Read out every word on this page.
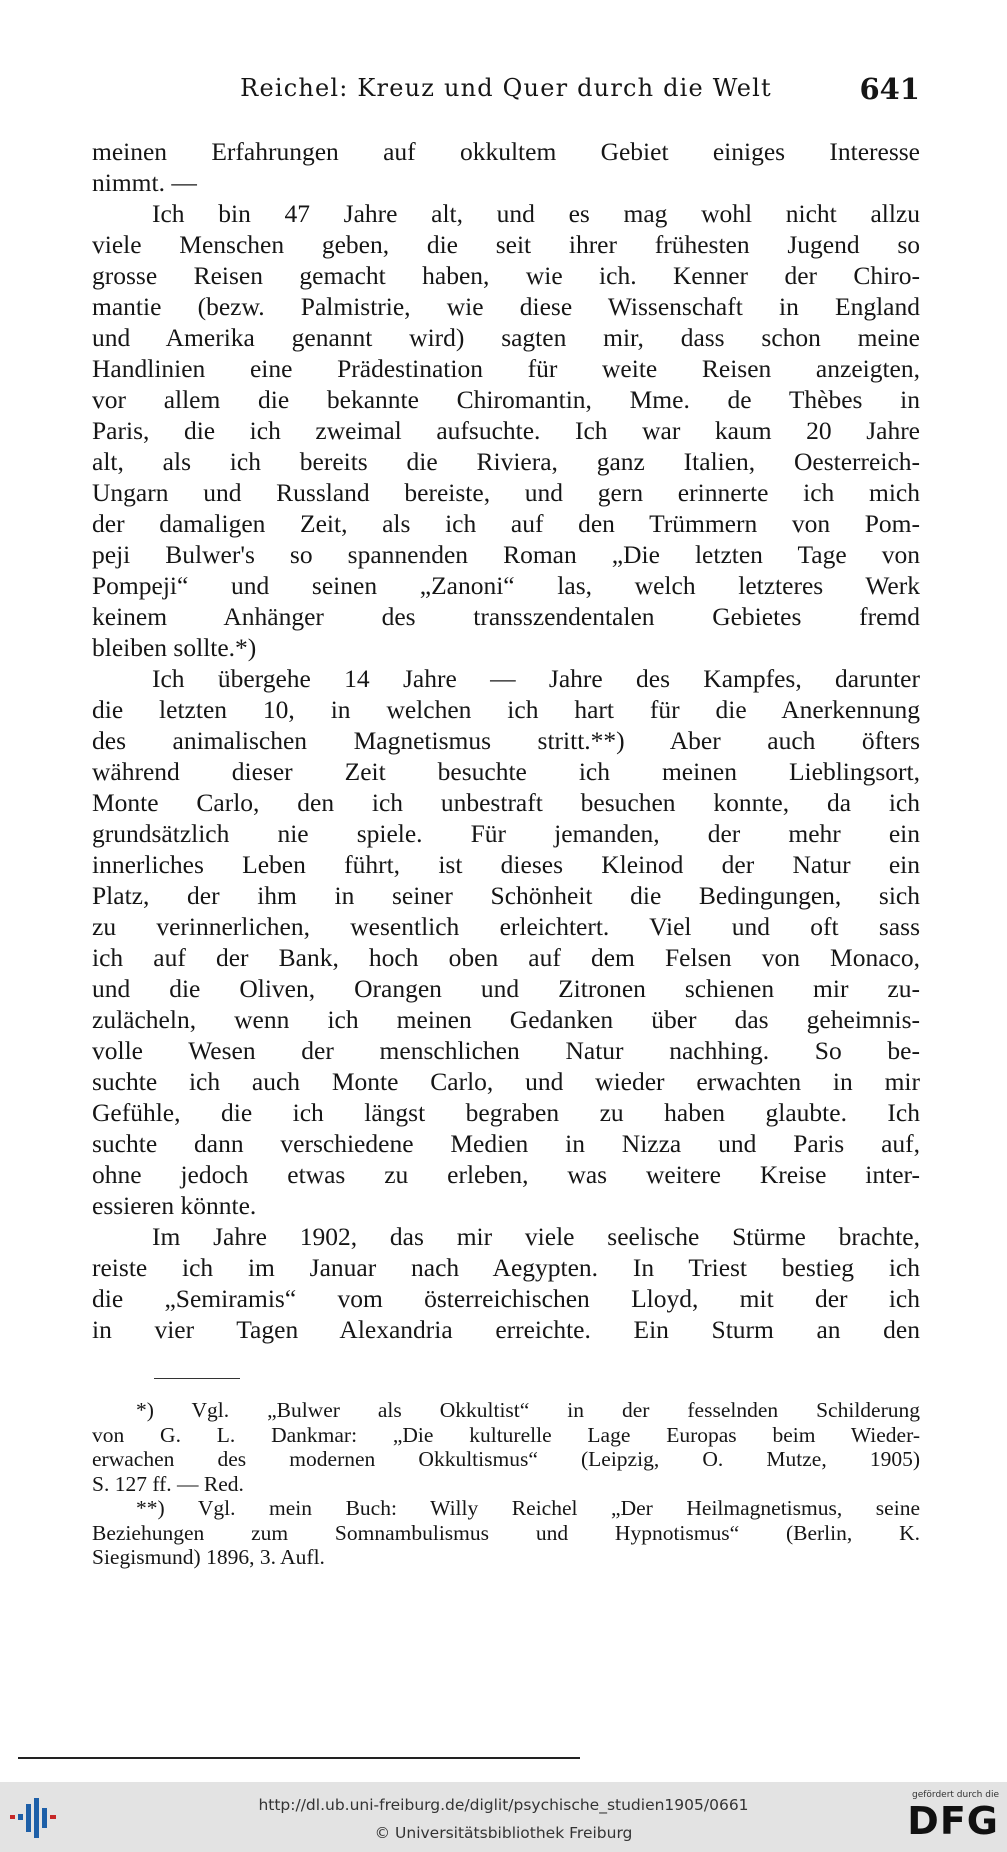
Reichel: Kreuz und Quer durch die Welt	641
meinen Erfahrungen auf okkultem Gebiet einiges Interesse
nimmt. —
Ich bin 47 Jahre alt, und es mag wohl nicht allzu
viele Menschen geben, die seit ihrer frühesten Jugend so
grosse Reisen gemacht haben, wie ich. Kenner der Chiro-
mantie (bezw. Palmistrie, wie diese Wissenschaft in England
und Amerika genannt wird) sagten mir, dass schon meine
Handlinien eine Prädestination für weite Reisen anzeigten,
vor allem die bekannte Chiromantin, Mme. de Thèbes in
Paris, die ich zweimal aufsuchte. Ich war kaum 20 Jahre
alt, als ich bereits die Riviera, ganz Italien, Oesterreich-
Ungarn und Russland bereiste, und gern erinnerte ich mich
der damaligen Zeit, als ich auf den Trümmern von Pom-
peji Bulwer's so spannenden Roman „Die letzten Tage von
Pompeji“ und seinen „Zanoni“ las, welch letzteres Werk
keinem Anhänger des transszendentalen Gebietes fremd
bleiben sollte.*)
Ich übergehe 14 Jahre — Jahre des Kampfes, darunter
die letzten 10, in welchen ich hart für die Anerkennung
des animalischen Magnetismus stritt.**) Aber auch öfters
während dieser Zeit besuchte ich meinen Lieblingsort,
Monte Carlo, den ich unbestraft besuchen konnte, da ich
grundsätzlich nie spiele. Für jemanden, der mehr ein
innerliches Leben führt, ist dieses Kleinod der Natur ein
Platz, der ihm in seiner Schönheit die Bedingungen, sich
zu verinnerlichen, wesentlich erleichtert. Viel und oft sass
ich auf der Bank, hoch oben auf dem Felsen von Monaco,
und die Oliven, Orangen und Zitronen schienen mir zu-
zulächeln, wenn ich meinen Gedanken über das geheimnis-
volle Wesen der menschlichen Natur nachhing. So be-
suchte ich auch Monte Carlo, und wieder erwachten in mir
Gefühle, die ich längst begraben zu haben glaubte. Ich
suchte dann verschiedene Medien in Nizza und Paris auf,
ohne jedoch etwas zu erleben, was weitere Kreise inter-
essieren könnte.
Im Jahre 1902, das mir viele seelische Stürme brachte,
reiste ich im Januar nach Aegypten. In Triest bestieg ich
die „Semiramis“ vom österreichischen Lloyd, mit der ich
in vier Tagen Alexandria erreichte. Ein Sturm an den
*) Vgl. „Bulwer als Okkultist“ in der fesselnden Schilderung
von G. L. Dankmar: „Die kulturelle Lage Europas beim Wieder-
erwachen des modernen Okkultismus“ (Leipzig, O. Mutze, 1905)
S. 127 ff. — Red.
**) Vgl. mein Buch: Willy Reichel „Der Heilmagnetismus, seine
Beziehungen zum Somnambulismus und Hypnotismus“ (Berlin, K.
Siegismund) 1896, 3. Aufl.
http://dl.ub.uni-freiburg.de/diglit/psychische_studien1905/0661
© Universitätsbibliothek Freiburg
gefördert durch die
DFG
